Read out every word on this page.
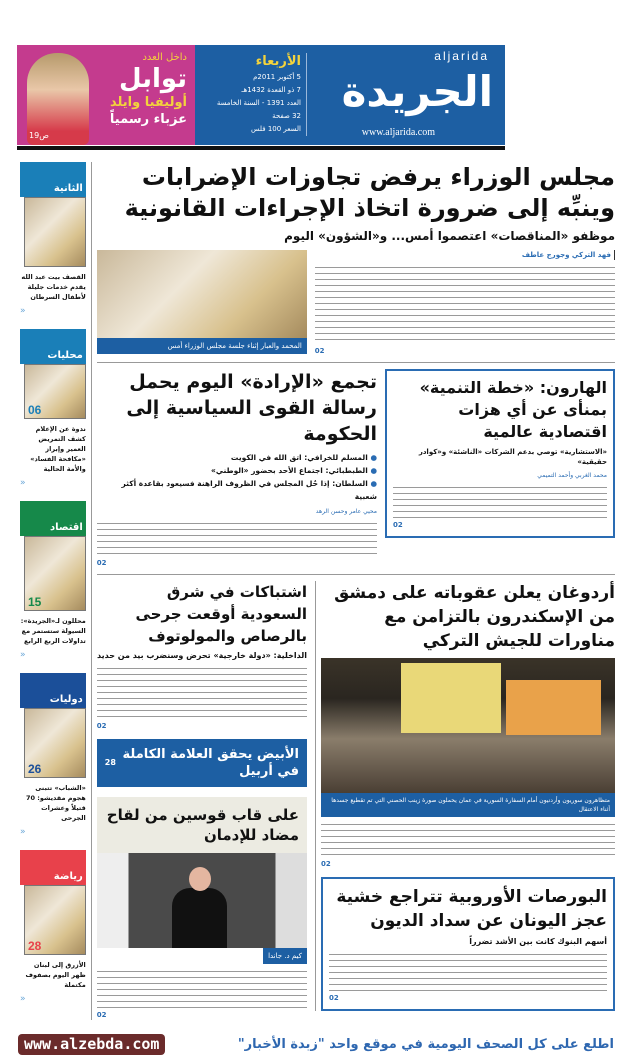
aljarida
الجريدة
www.aljarida.com
الأربعاء
5 أكتوبر 2011م
7 ذو القعدة 1432هـ
العدد 1391 - السنة الخامسة
32 صفحة
السعر 100 فلس
داخل العدد
توابل
أوليفيا وايلد
عزباء رسمياً
ص19
مجلس الوزراء يرفض تجاوزات الإضرابات
وينبِّه إلى ضرورة اتخاذ الإجراءات القانونية
موظفو «المناقصات» اعتصموا أمس... و«الشؤون» اليوم
فهد التركي وجورج عاطف
02
المحمد والعبار إثناء جلسة مجلس الوزراء أمس
الهارون: «خطة التنمية» بمنأى عن أي هزات اقتصادية عالمية
«الاستشارية» توصي بدعم الشركات «الناشئة» و«كوادر حقيقية»
محمد الغربي وأحمد التميمي
02
تجمع «الإرادة» اليوم يحمل رسالة القوى السياسية إلى الحكومة
● المسلم للخرافي: اتق الله في الكويت
● الطبطبائي: اجتماع الأحد بحضور «الوطني»
● السلطان: إذا حُل المجلس في الظروف الراهنة فسيعود بقاعدة أكثر شعبية
محيي عامر وحسن الرهد
02
أردوغان يعلن عقوباته على دمشق من الإسكندرون بالتزامن مع مناورات للجيش التركي
متظاهرون سوريون وأردنيون أمام السفارة السورية في عمان يحملون صورة زينب الحصني التي تم تقطيع جسدها أثناء الاعتقال
02
البورصات الأوروبية تتراجع خشية عجز اليونان عن سداد الديون
أسهم البنوك كانت بين الأشد تضرراً
02
اشتباكات في شرق السعودية أوقعت جرحى بالرصاص والمولوتوف
الداخلية: «دولة خارجية» تحرض وسنضرب بيد من حديد
02
الأبيض يحقق العلامة الكاملة في أربيل
28
على قاب قوسين من لقاح مضاد للإدمان
كيم د. جاندا
02
الثانية
القصف بيت عبد الله يقدم خدمات جليلة لأطفال السرطان
«
محليات
06
ندوة عن الإعلام كشف التمريض العمير وإبراز «مكافحة الفساد» والأمة الحالية
«
اقتصاد
15
محللون لـ«الجريدة»: السيولة ستستمر مع تداولات الربع الرابع
«
دوليات
26
«الشباب» تتبنى هجوم مقديشو: 70 قتيلاً وعشرات الجرحى
«
رياضة
28
الأزرق إلى لبنان ظهر اليوم بصفوف مكتملة
«
اطلع على كل الصحف اليومية في موقع واحد "زبدة الأخبار"
www.alzebda.com
